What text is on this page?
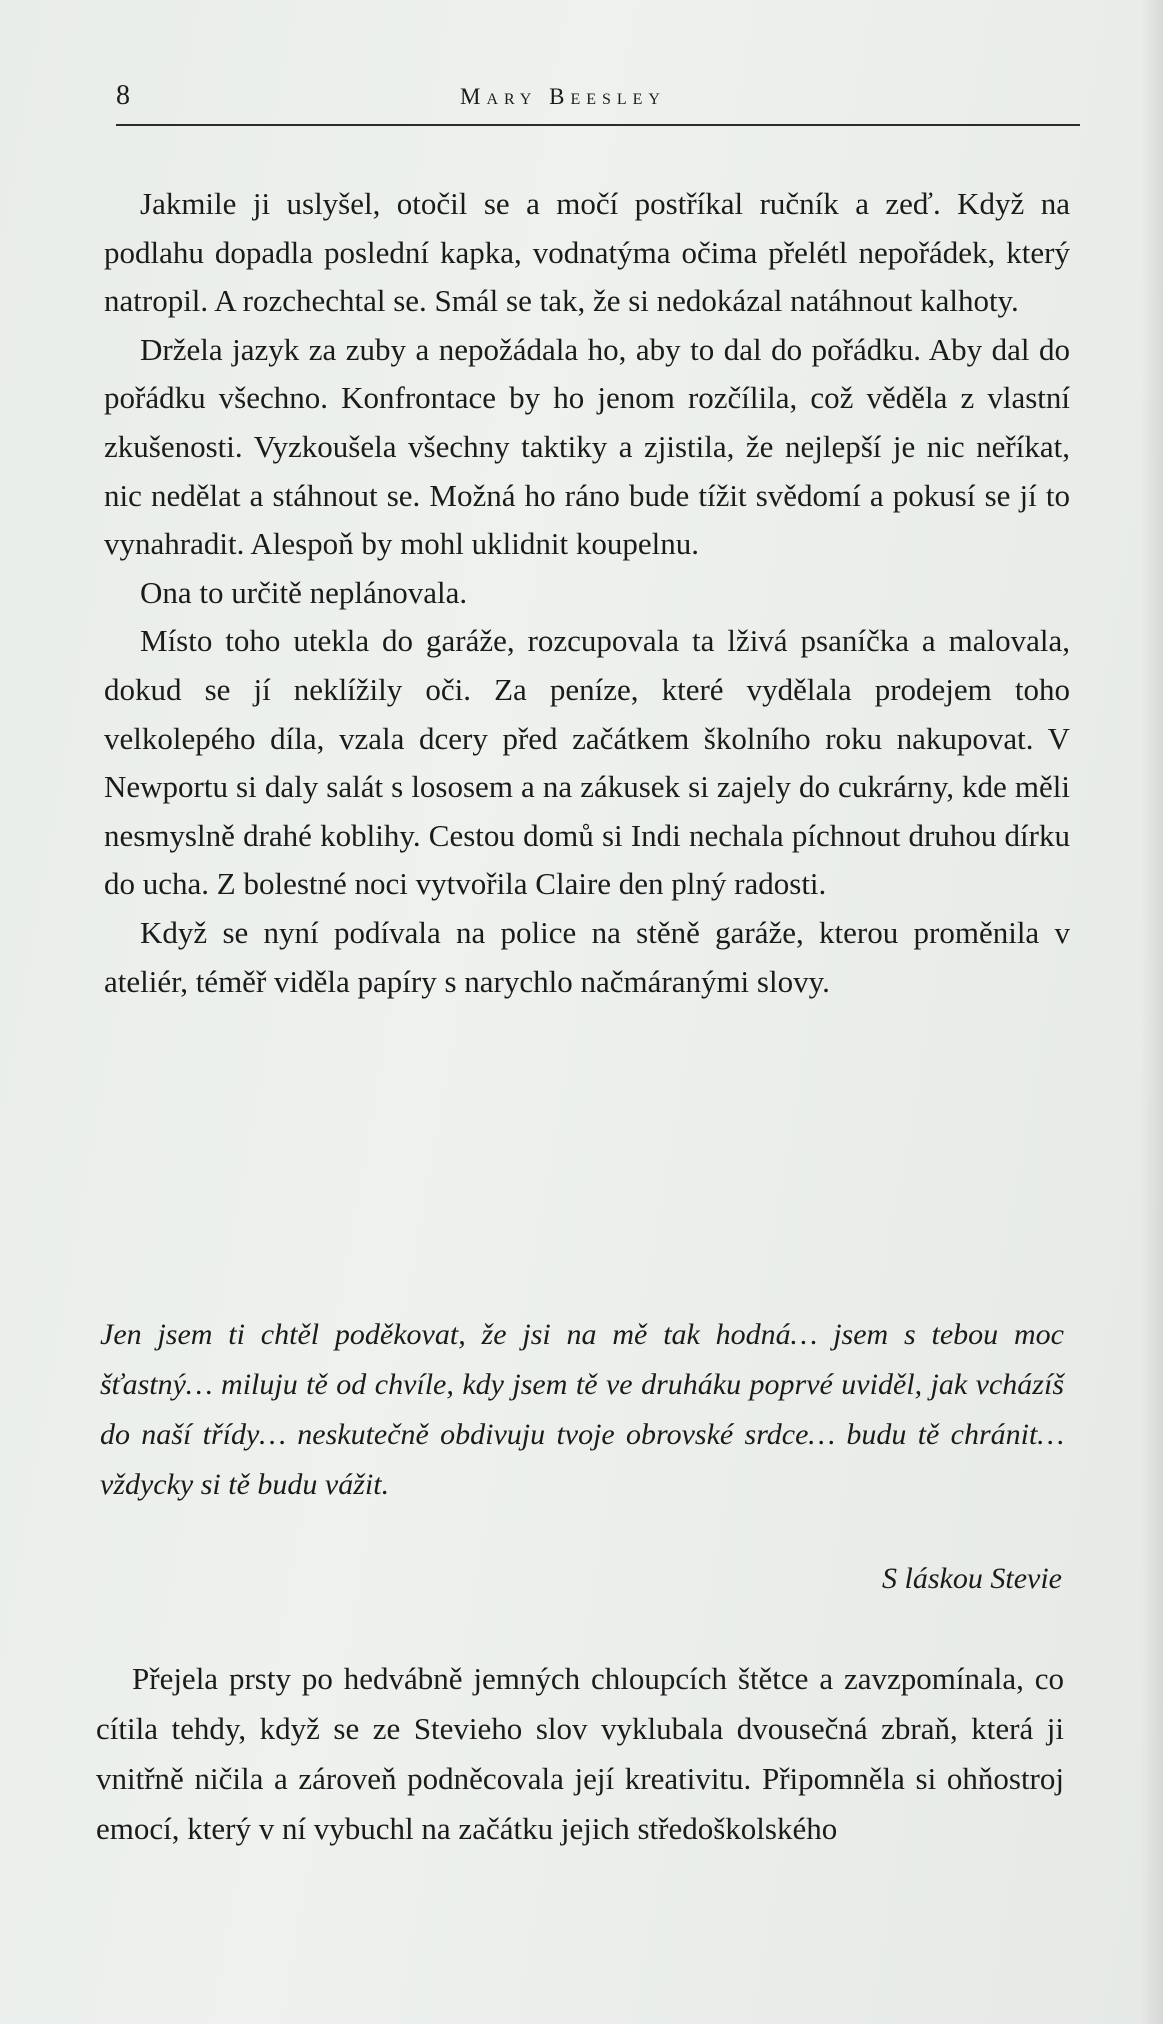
8	Mary Beesley

Jakmile ji uslyšel, otočil se a močí postříkal ručník a zeď. Když na podlahu dopadla poslední kapka, vodnatýma očima přelétl nepořádek, který natropil. A rozchechtal se. Smál se tak, že si nedokázal natáhnout kalhoty.

Držela jazyk za zuby a nepožádala ho, aby to dal do pořádku. Aby dal do pořádku všechno. Konfrontace by ho jenom rozčílila, což věděla z vlastní zkušenosti. Vyzkoušela všechny taktiky a zjistila, že nejlepší je nic neříkat, nic nedělat a stáhnout se. Možná ho ráno bude tížit svědomí a pokusí se jí to vynahradit. Alespoň by mohl uklidnit koupelnu.

Ona to určitě neplánovala.

Místo toho utekla do garáže, rozcupovala ta lživá psaníčka a malovala, dokud se jí neklížily oči. Za peníze, které vydělala prodejem toho velkolepého díla, vzala dcery před začátkem školního roku nakupovat. V Newportu si daly salát s lososem a na zákusek si zajely do cukrárny, kde měli nesmyslně drahé koblihy. Cestou domů si Indi nechala píchnout druhou dírku do ucha. Z bolestné noci vytvořila Claire den plný radosti.

Když se nyní podívala na police na stěně garáže, kterou proměnila v ateliér, téměř viděla papíry s narychlo načmáranými slovy.

Jen jsem ti chtěl poděkovat, že jsi na mě tak hodná… jsem s tebou moc šťastný… miluju tě od chvíle, kdy jsem tě ve druháku poprvé uviděl, jak vcházíš do naší třídy… neskutečně obdivuju tvoje obrovské srdce… budu tě chránit… vždycky si tě budu vážit.
S láskou Stevie

Přejela prsty po hedvábně jemných chloupcích štětce a zavzpomínala, co cítila tehdy, když se ze Stevieho slov vyklubala dvousečná zbraň, která ji vnitřně ničila a zároveň podněcovala její kreativitu. Připomněla si ohňostroj emocí, který v ní vybuchl na začátku jejich středoškolského
